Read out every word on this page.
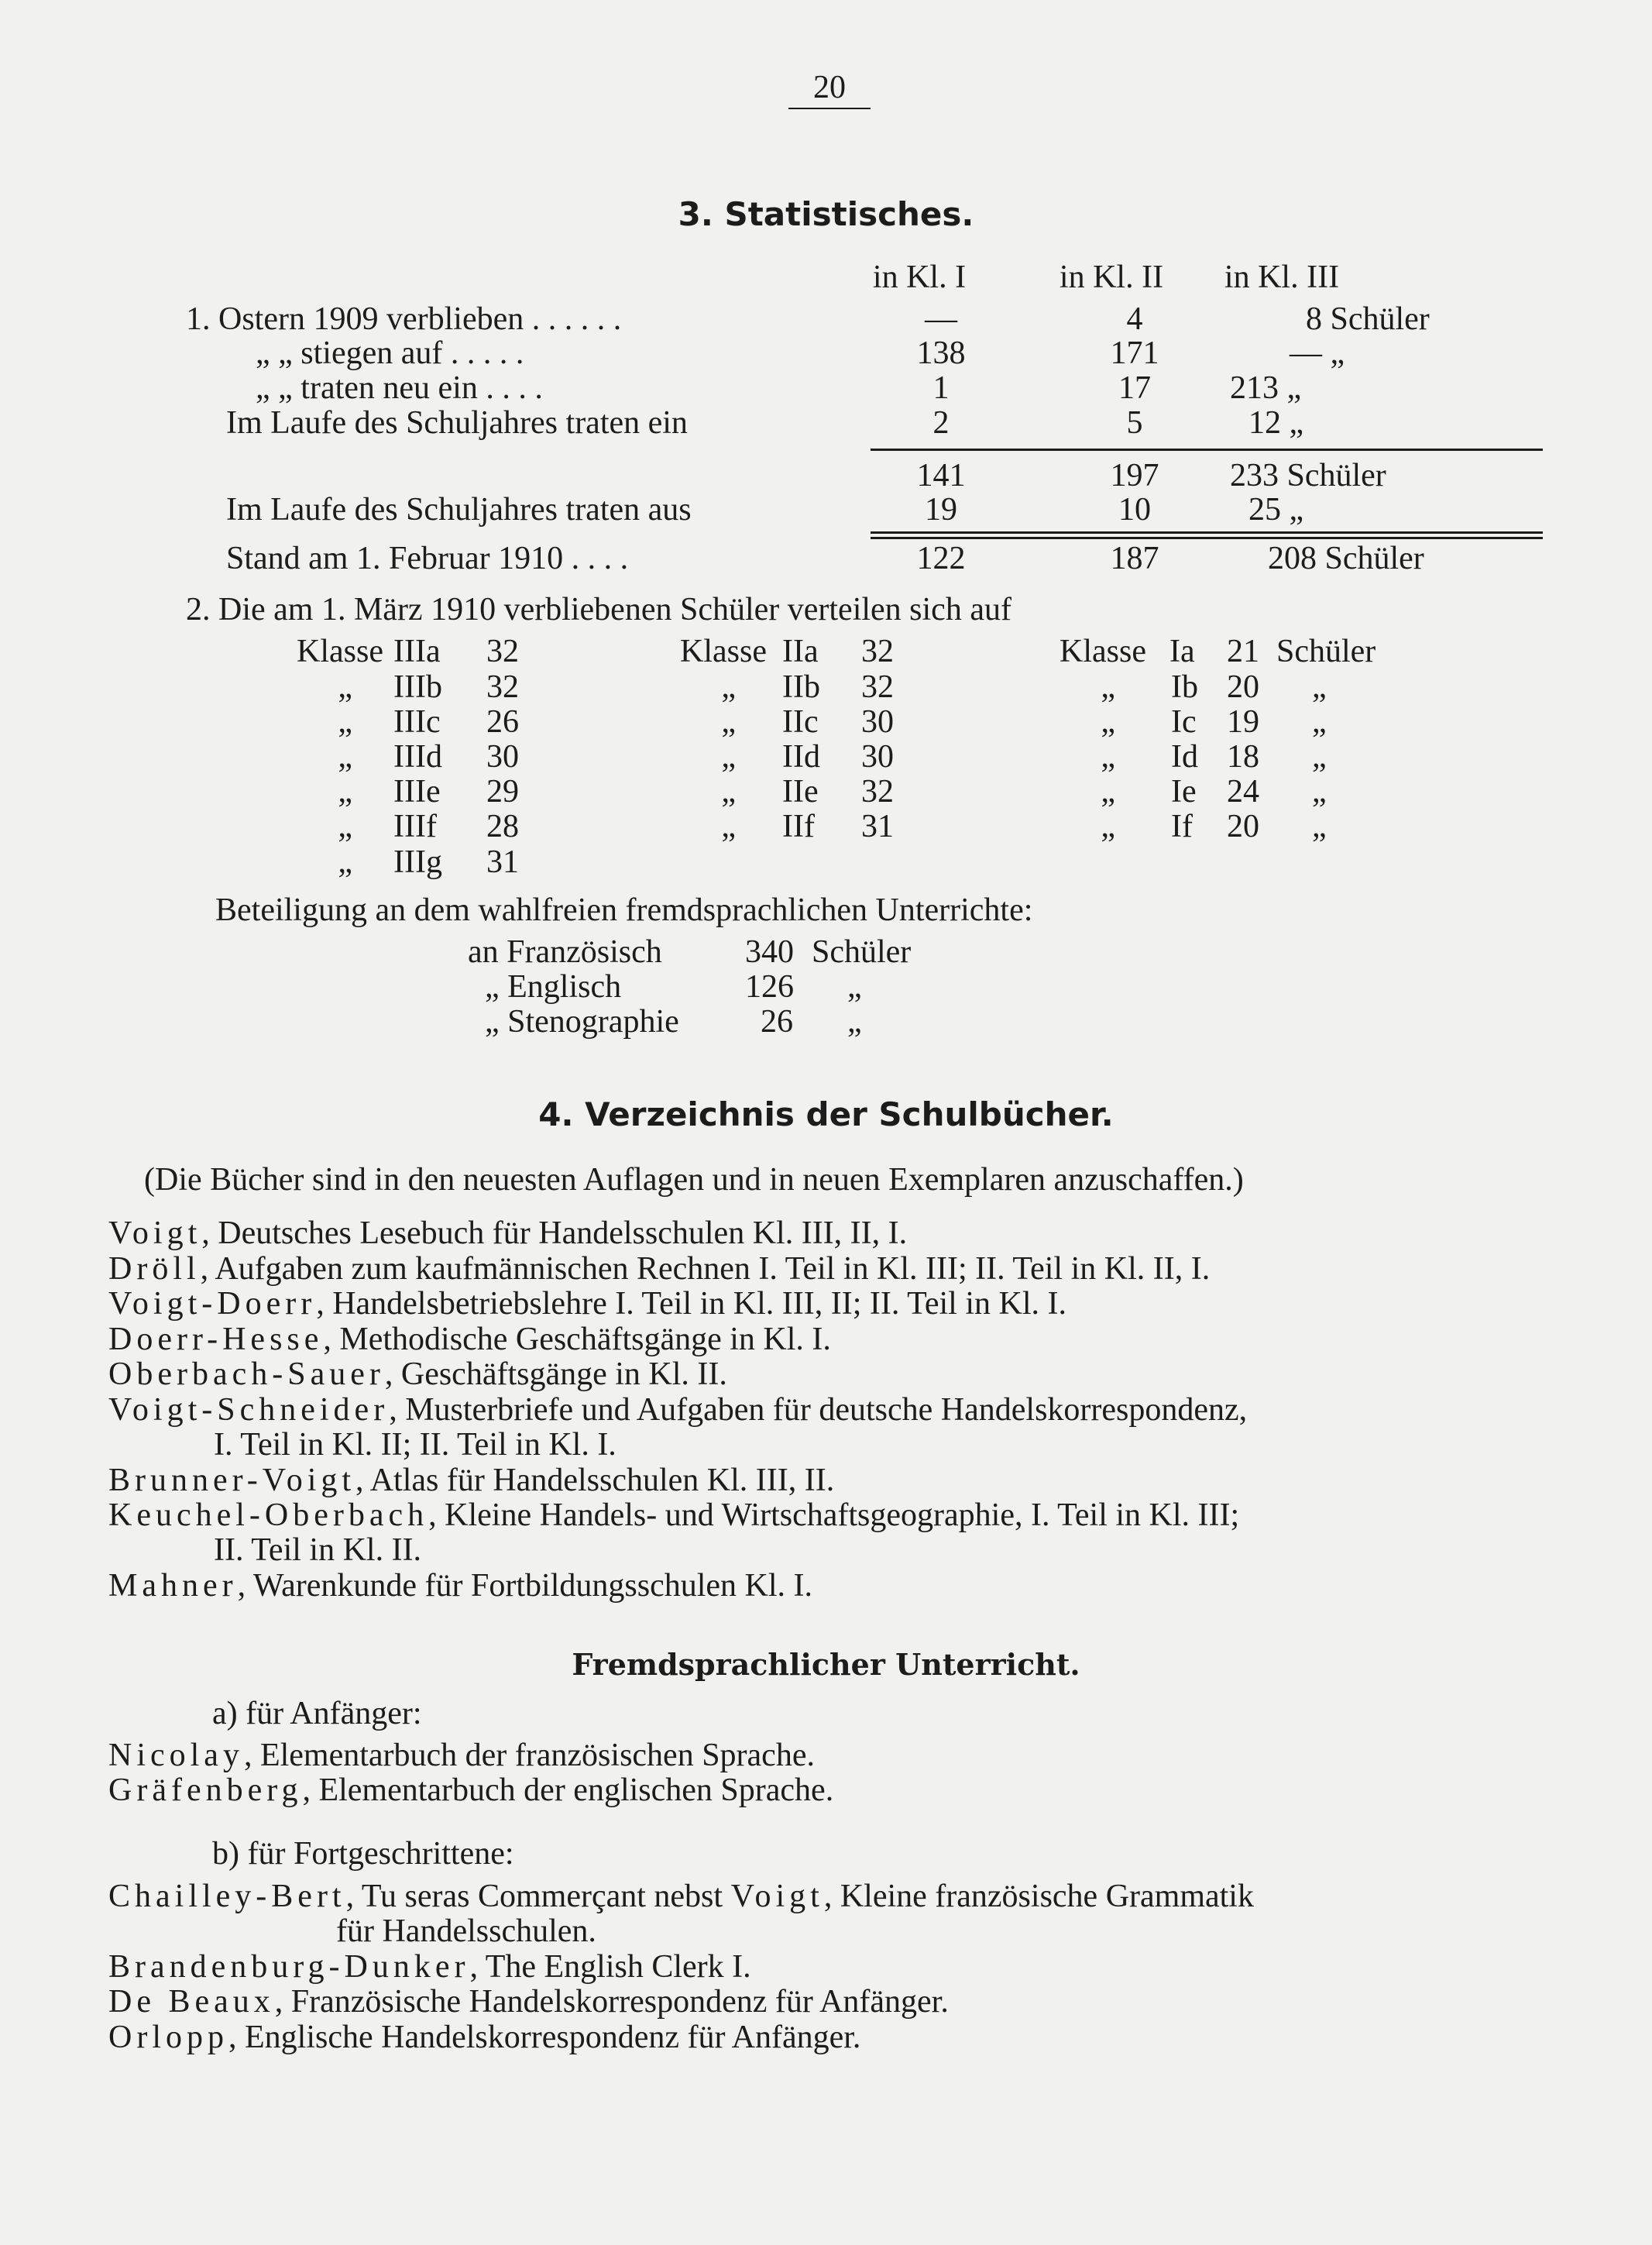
20
3. Statistisches.
in Kl. I	in Kl. II	in Kl. III
1. Ostern 1909 verblieben . . . . . .	—	4	8 Schüler
„ „ stiegen auf . . . . .	138	171	— „
„ „ traten neu ein . . . .	1	17	213 „
Im Laufe des Schuljahres traten ein	2	5	12 „
141	197	233 Schüler
Im Laufe des Schuljahres traten aus	19	10	25 „
Stand am 1. Februar 1910 . . . .	122	187	208 Schüler
2. Die am 1. März 1910 verbliebenen Schüler verteilen sich auf
Klasse IIIa 32
„ IIIb 32
„ IIIc 26
„ IIId 30
„ IIIe 29
„ IIIf 28
„ IIIg 31
Klasse IIa 32
„ IIb 32
„ IIc 30
„ IId 30
„ IIe 32
„ IIf 31
Klasse Ia 21 Schüler
„ Ib 20 „
„ Ic 19 „
„ Id 18 „
„ Ie 24 „
„ If 20 „
Beteiligung an dem wahlfreien fremdsprachlichen Unterrichte:
an Französisch	340 Schüler
„ Englisch	126 „
„ Stenographie	26 „
4. Verzeichnis der Schulbücher.
(Die Bücher sind in den neuesten Auflagen und in neuen Exemplaren anzuschaffen.)
Voigt, Deutsches Lesebuch für Handelsschulen Kl. III, II, I.
Dröll, Aufgaben zum kaufmännischen Rechnen I. Teil in Kl. III; II. Teil in Kl. II, I.
Voigt-Doerr, Handelsbetriebslehre I. Teil in Kl. III, II; II. Teil in Kl. I.
Doerr-Hesse, Methodische Geschäftsgänge in Kl. I.
Oberbach-Sauer, Geschäftsgänge in Kl. II.
Voigt-Schneider, Musterbriefe und Aufgaben für deutsche Handelskorrespondenz,
I. Teil in Kl. II; II. Teil in Kl. I.
Brunner-Voigt, Atlas für Handelsschulen Kl. III, II.
Keuchel-Oberbach, Kleine Handels- und Wirtschaftsgeographie, I. Teil in Kl. III;
II. Teil in Kl. II.
Mahner, Warenkunde für Fortbildungsschulen Kl. I.
Fremdsprachlicher Unterricht.
a) für Anfänger:
Nicolay, Elementarbuch der französischen Sprache.
Gräfenberg, Elementarbuch der englischen Sprache.
b) für Fortgeschrittene:
Chailley-Bert, Tu seras Commerçant nebst Voigt, Kleine französische Grammatik
für Handelsschulen.
Brandenburg-Dunker, The English Clerk I.
De Beaux, Französische Handelskorrespondenz für Anfänger.
Orlopp, Englische Handelskorrespondenz für Anfänger.
